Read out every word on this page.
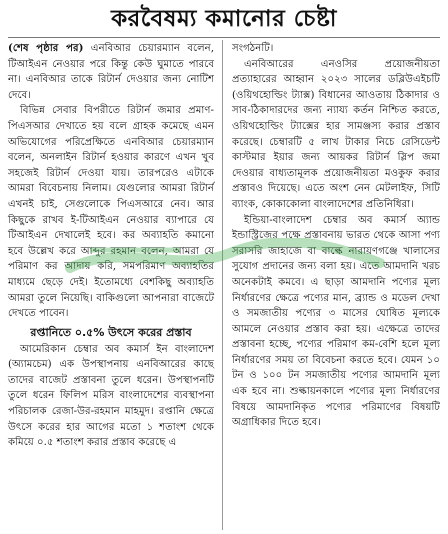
করবৈষম্য কমানোর চেষ্টা

(শেষ পৃষ্ঠার পর) এনবিআর চেয়ারম্যান বলেন, টিআইএন নেওয়ার পরে কিন্তু কেউ ঘুমাতে পারবে না। এনবিআর তাকে রিটার্ন দেওয়ার জন্য নোটিশ দেবে।

বিভিন্ন সেবার বিপরীতে রিটার্ন জমার প্রমাণ-পিএসআর দেখাতে হয় বলে গ্রাহক কমেছে এমন অভিযোগের পরিপ্রেক্ষিতে এনবিআর চেয়ারম্যান বলেন, অনলাইন রিটার্ন হওয়ার কারণে এখন খুব সহজেই রিটার্ন দেওয়া যায়। তারপরেও এটাকে আমরা বিবেচনায় নিলাম। যেগুলোর আমরা রিটার্ন এখনই চাই, সেগুলোকে পিএসআরে নেব। আর কিছুকে রাখব ই-টিআইএন নেওয়ার ব্যাপারে যে টিআইএন দেখালেই হবে। কর অব্যাহতি কমানো হবে উল্লেখ করে আব্দুর রহমান বলেন, আমরা যে পরিমাণ কর আদায় করি, সমপরিমাণ অব্যাহতির মাধ্যমে ছেড়ে দেই। ইতোমধ্যে বেশকিছু অব্যাহতি আমরা তুলে নিয়েছি। বাকিগুলো আপনারা বাজেটে দেখতে পাবেন।

রপ্তানিতে ০.৫% উৎসে করের প্রস্তাব

আমেরিকান চেম্বার অব কমার্স ইন বাংলাদেশ (অ্যামচেম) এক উপস্থাপনায় এনবিআরের কাছে তাদের বাজেট প্রস্তাবনা তুলে ধরেন। উপস্থাপনটি তুলে ধরেন ফিলিপ মরিস বাংলাদেশের ব্যবস্থাপনা পরিচালক রেজা-উর-রহমান মাহমুদ। রপ্তানি ক্ষেত্রে উৎসে করের হার আগের মতো ১ শতাংশ থেকে কমিয়ে ০.৫ শতাংশ করার প্রস্তাব করেছে এ

সংগঠনটি।

এনবিআরের এনওসির প্রয়োজনীয়তা প্রত্যাহারের আহ্বান ২০২৩ সালের ডব্লিউএইচটি (ওয়িথহোল্ডিং ট্যাক্স) বিধানের আওতায় ঠিকাদার ও সাব-ঠিকাদারদের জন্য ন্যায্য কর্তন নিশ্চিত করতে, ওয়িথহোল্ডিং ট্যাক্সের হার সামঞ্জস্য করার প্রস্তাব করেছে। চেম্বারটি ৫ লাখ টাকার নিচে রেসিডেন্ট কাস্টমার ইয়ার জন্য আয়কর রিটার্ন স্লিপ জমা দেওয়ার বাধ্যতামূলক প্রয়োজনীয়তা মওকুফ করার প্রস্তাবও দিয়েছে। এতে অংশ নেন মেটলাইফ, সিটি ব্যাংক, কোকাকোলা বাংলাদেশের প্রতিনিধিরা।

ইন্ডিয়া-বাংলাদেশ চেম্বার অব কমার্স অ্যান্ড ইন্ডাস্ট্রিজের পক্ষে প্রস্তাবনায় ভারত থেকে আসা পণ্য সরাসরি জাহাজে বা বাল্কে নারায়ণগঞ্জে খালাসের সুযোগ প্রদানের জন্য বলা হয়। এতে আমদানি খরচ অনেকটাই কমবে। এ ছাড়া আমদানি পণ্যের মূল্য নির্ধারণের ক্ষেত্রে পণ্যের মান, ব্র্যান্ড ও মডেল দেখা ও সমজাতীয় পণ্যের ৩ মাসের ঘোষিত মূল্যকে আমলে নেওয়ার প্রস্তাব করা হয়। এক্ষেত্রে তাদের প্রস্তাবনা হচ্ছে, পণ্যের পরিমাণ কম-বেশি হলে মূল্য নির্ধারণের সময় তা বিবেচনা করতে হবে। যেমন ১০ টন ও ১০০ টন সমজাতীয় পণ্যের আমদানি মূল্য এক হবে না। শুল্কায়নকালে পণ্যের মূল্য নির্ধারণের বিষয়ে আমদানিকৃত পণ্যের পরিমাণের বিষয়টি অগ্রাধিকার দিতে হবে।
